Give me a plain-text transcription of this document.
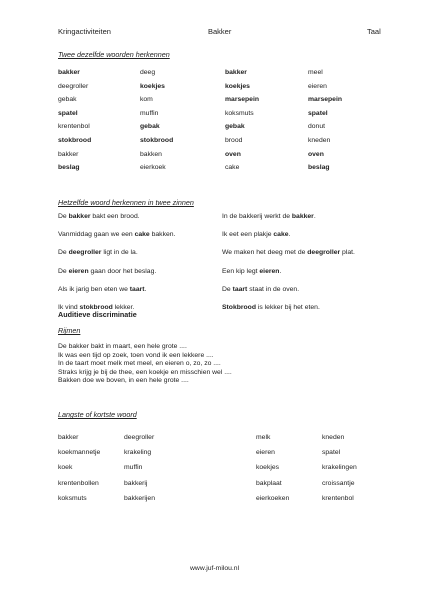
Kringactiviteiten	Bakker	Taal
Twee dezelfde woorden herkennen
bakker
deegroller
gebak
spatel
krentenbol
stokbrood
bakker
beslag
deeg
koekjes
kom
muffin
gebak
stokbrood
bakken
eierkoek
bakker
koekjes
marsepein
koksmuts
gebak
brood
oven
cake
meel
eieren
marsepein
spatel
donut
kneden
oven
beslag
Hetzelfde woord herkennen in twee zinnen
De bakker bakt een brood.
Vanmiddag gaan we een cake bakken.
De deegroller ligt in de la.
De eieren gaan door het beslag.
Als ik jarig ben eten we taart.
Ik vind stokbrood lekker.
In de bakkerij werkt de bakker.
Ik eet een plakje cake.
We maken het deeg met de deegroller plat.
Een kip legt eieren.
De taart staat in de oven.
Stokbrood is lekker bij het eten.
Auditieve discriminatie
Rijmen
De bakker bakt in maart, een hele grote ....
Ik was een tijd op zoek, toen vond ik een lekkere ....
In de taart moet melk met meel, en eieren o, zo, zo ....
Straks krijg je bij de thee, een koekje en misschien wel ....
Bakken doe we boven, in een hele grote ....
Langste of kortste woord
bakker
koekmannetje
koek
krentenbollen
koksmuts
deegroller
krakeling
muffin
bakkerij
bakkerijen
melk
eieren
koekjes
bakplaat
eierkoeken
kneden
spatel
krakelingen
croissantje
krentenbol
www.juf-milou.nl
